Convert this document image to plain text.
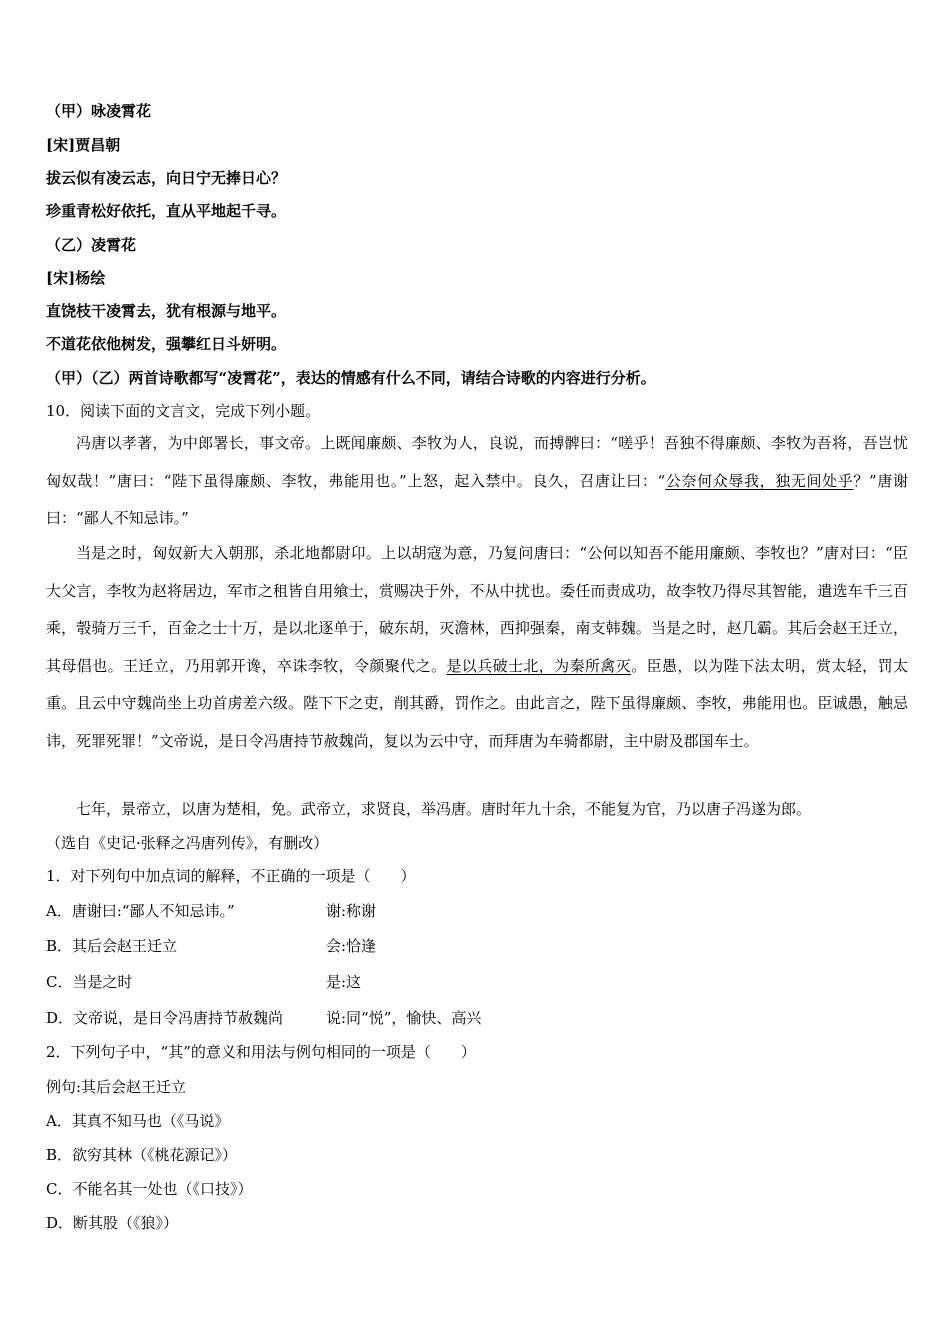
（甲）咏凌霄花
[宋]贾昌朝
拔云似有凌云志，向日宁无捧日心？
珍重青松好依托，直从平地起千寻。
（乙）凌霄花
[宋]杨绘
直饶枝干凌霄去，犹有根源与地平。
不道花依他树发，强攀红日斗妍明。
（甲）（乙）两首诗歌都写“凌霄花”，表达的情感有什么不同，请结合诗歌的内容进行分析。
10．阅读下面的文言文，完成下列小题。
冯唐以孝著，为中郎署长，事文帝。上既闻廉颇、李牧为人，良说，而搏髀曰：“嗟乎！吾独不得廉颇、李牧为吾将，吾岂忧匈奴哉！”唐曰：“陛下虽得廉颇、李牧，弗能用也。”上怒，起入禁中。良久，召唐让曰：“公奈何众辱我，独无间处乎？”唐谢曰：“鄙人不知忌讳。”
当是之时，匈奴新大入朝那，杀北地都尉卬。上以胡寇为意，乃复问唐曰：“公何以知吾不能用廉颇、李牧也？”唐对曰：“臣大父言，李牧为赵将居边，军市之租皆自用飨士，赏赐决于外，不从中扰也。委任而责成功，故李牧乃得尽其智能，遣选车千三百乘，彀骑万三千，百金之士十万，是以北逐单于，破东胡，灭澹林，西抑强秦，南支韩魏。当是之时，赵几霸。其后会赵王迁立，其母倡也。王迁立，乃用郭开谗，卒诛李牧，令颜聚代之。是以兵破士北，为秦所禽灭。臣愚，以为陛下法太明，赏太轻，罚太重。且云中守魏尚坐上功首虏差六级。陛下下之吏，削其爵，罚作之。由此言之，陛下虽得廉颇、李牧，弗能用也。臣诚愚，触忌讳，死罪死罪！”文帝说，是日令冯唐持节赦魏尚，复以为云中守，而拜唐为车骑都尉，主中尉及郡国车士。
七年，景帝立，以唐为楚相，免。武帝立，求贤良，举冯唐。唐时年九十余，不能复为官，乃以唐子冯遂为郎。
（选自《史记·张释之冯唐列传》，有删改）
1．对下列句中加点词的解释，不正确的一项是（　　）
A．唐谢曰:“鄙人不知忌讳。”	谢:称谢
B．其后会赵王迁立	会:恰逢
C．当是之时	是:这
D．文帝说，是日令冯唐持节赦魏尚	说:同“悦”，愉快、高兴
2．下列句子中，“其”的意义和用法与例句相同的一项是（　　）
例句:其后会赵王迁立
A．其真不知马也（《马说》
B．欲穷其林（《桃花源记》）
C．不能名其一处也（《口技》）
D．断其股（《狼》）
